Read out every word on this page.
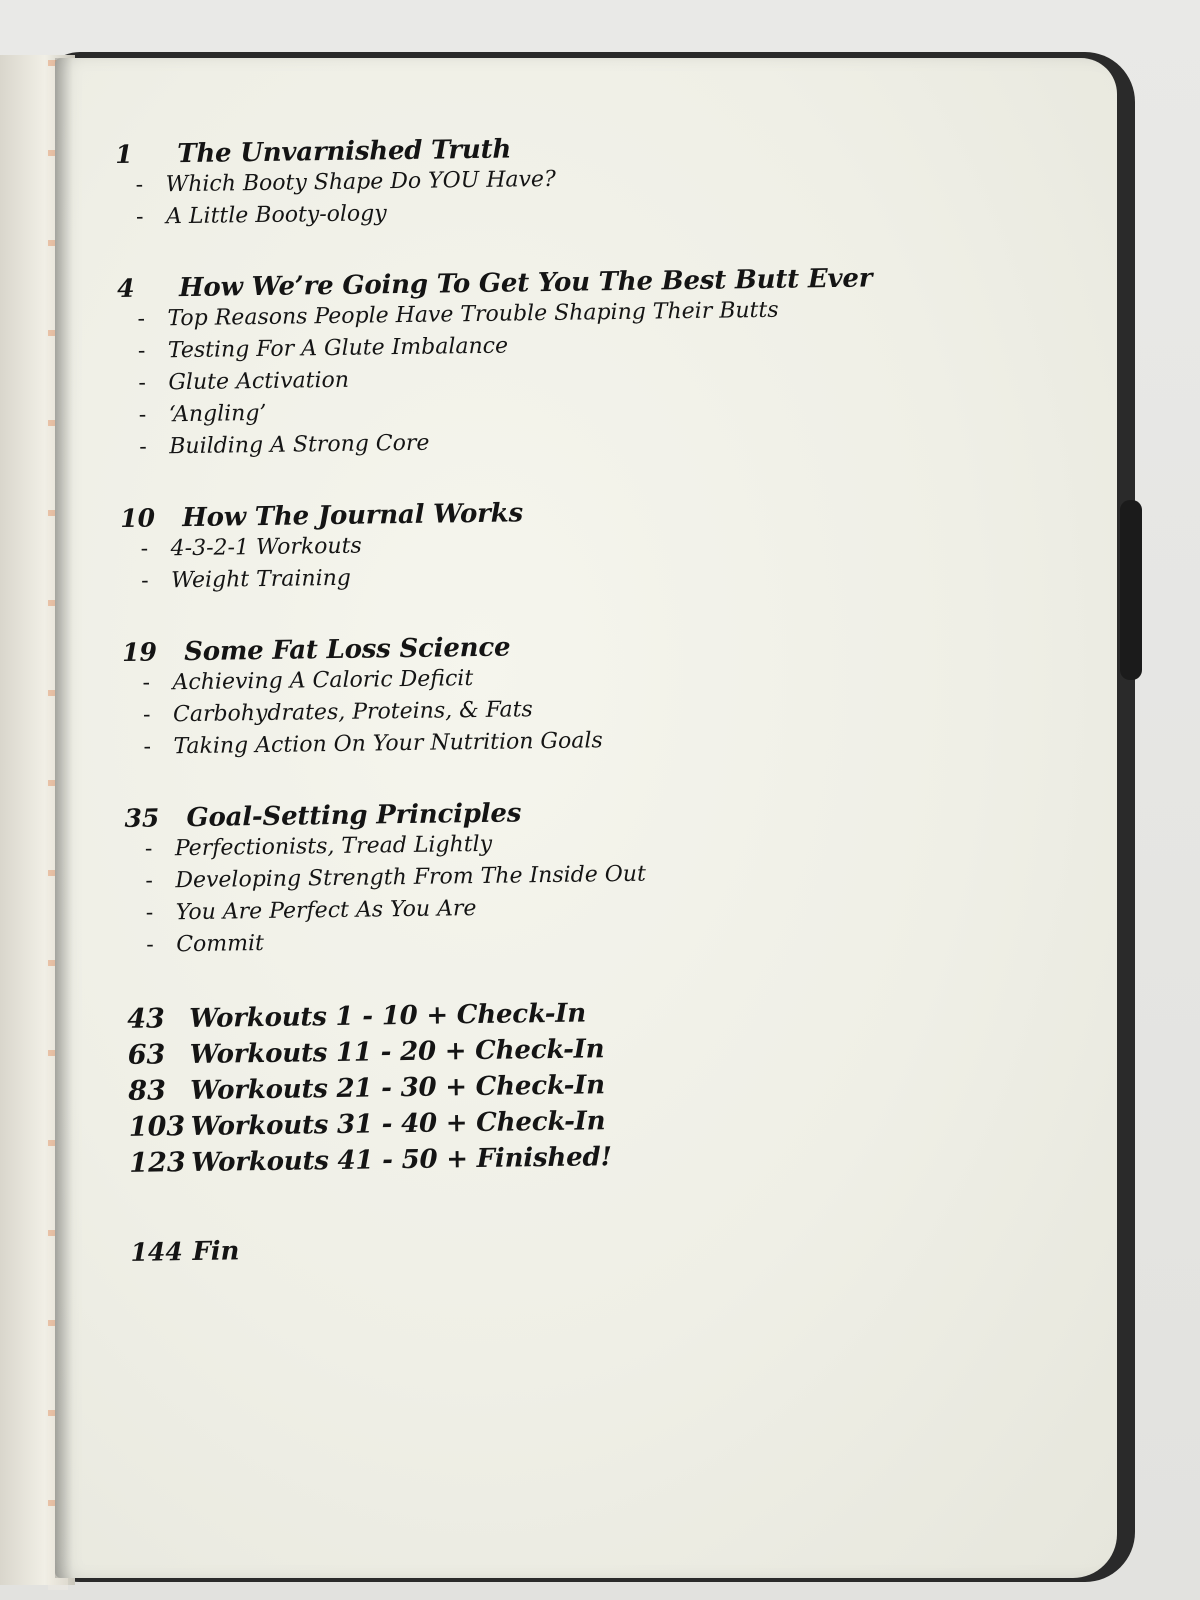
1	The Unvarnished Truth
-	Which Booty Shape Do YOU Have?
-	A Little Booty-ology
4	How We’re Going To Get You The Best Butt Ever
-	Top Reasons People Have Trouble Shaping Their Butts
-	Testing For A Glute Imbalance
-	Glute Activation
-	‘Angling’
-	Building A Strong Core
10	How The Journal Works
-	4-3-2-1 Workouts
-	Weight Training
19	Some Fat Loss Science
-	Achieving A Caloric Deficit
-	Carbohydrates, Proteins, & Fats
-	Taking Action On Your Nutrition Goals
35	Goal-Setting Principles
-	Perfectionists, Tread Lightly
-	Developing Strength From The Inside Out
-	You Are Perfect As You Are
-	Commit
43 Workouts 1 - 10 + Check-In
63 Workouts 11 - 20 + Check-In
83 Workouts 21 - 30 + Check-In
103 Workouts 31 - 40 + Check-In
123 Workouts 41 - 50 + Finished!
144 Fin
